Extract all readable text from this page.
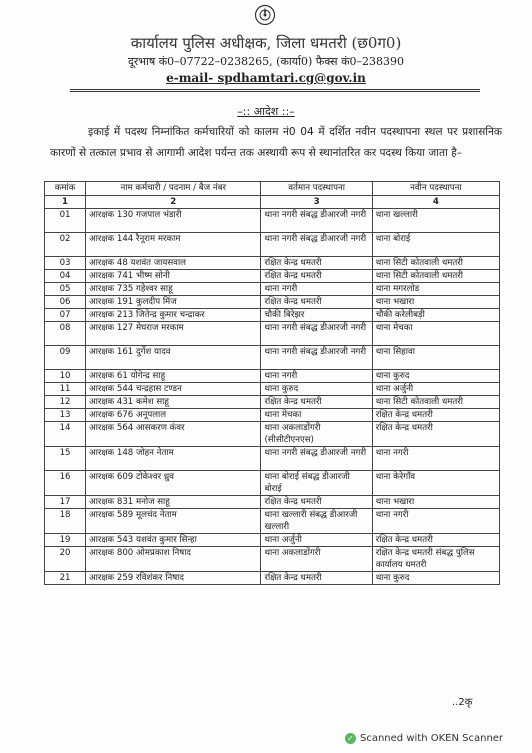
कार्यालय पुलिस अधीक्षक, जिला धमतरी (छ0ग0)
दूरभाष कं0–07722–0238265, (कार्या0) फैक्स कं0–238390
e-mail- spdhamtari.cg@gov.in
–:: आदेश ::–
इकाई में पदस्थ निम्नांकित कर्मचारियों को कालम नं0 04 में दर्शित नवीन पदस्थापना स्थल पर प्रशासनिक कारणों से तत्काल प्रभाव से आगामी आदेश पर्यन्त तक अस्थायी रूप से स्थानांतरित कर पदस्थ किया जाता है–
कमांक	नाम कर्मचारी / पदनाम / बैज नंबर	वर्तमान पदस्थापना	नवीन पदस्थापना
1	2	3	4
01	आरक्षक 130 गजपाल भंडारी	थाना नगरी संबद्ध डीआरजी नगरी	थाना खल्लारी
02	आरक्षक 144 रैनूराम मरकाम	थाना नगरी संबद्ध डीआरजी नगरी	थाना बोराई
03	आरक्षक 48 यशवंत जायसवाल	रक्षित केन्द्र धमतरी	थाना सिटी कोतवाली धमतरी
04	आरक्षक 741 भीष्म सोनी	रक्षित केन्द्र धमतरी	थाना सिटी कोतवाली धमतरी
05	आरक्षक 735 गहेश्वर साहू	थाना नगरी	थाना मगरलोड
06	आरक्षक 191 कुलदीप मिंज	रक्षित केन्द्र धमतरी	थाना भखारा
07	आरक्षक 213 जितेन्द्र कुमार चन्द्राकर	चौकी बिरेझर	चौकी करेलीबड़ी
08	आरक्षक 127 मेघराज मरकाम	थाना नगरी संबद्ध डीआरजी नगरी	थाना मेचका
09	आरक्षक 161 दुर्गेश यादव	थाना नगरी संबद्ध डीआरजी नगरी	थाना सिहावा
10	आरक्षक 61 योगेन्द्र साहू	थाना नगरी	थाना कुरुद
11	आरक्षक 544 चन्द्रहास टण्डन	थाना कुरुद	थाना अर्जुनी
12	आरक्षक 431 कमेश साहू	रक्षित केन्द्र धमतरी	थाना सिटी कोतवाली धमतरी
13	आरक्षक 676 अनूपलाल	थाना मेचका	रक्षित केन्द्र धमतरी
14	आरक्षक 564 आसकरण कंवर	थाना अकलाडोंगरी (सीसीटीएनएस)	रक्षित केन्द्र धमतरी
15	आरक्षक 148 जोहन नेताम	थाना नगरी संबद्ध डीआरजी नगरी	थाना नगरी
16	आरक्षक 609 टोकेश्वर ध्रुव	थाना बोराई संबद्ध डीआरजी बोराई	थाना केरेगाँव
17	आरक्षक 831 मनोज साहू	रक्षित केन्द्र धमतरी	थाना भखारा
18	आरक्षक 589 मूलचंद नेताम	थाना खल्लारी संबद्ध डीआरजी खल्लारी	थाना नगरी
19	आरक्षक 543 यशवंत कुमार सिन्हा	थाना अर्जुनी	रक्षित केन्द्र धमतरी
20	आरक्षक 800 ओमप्रकाश निषाद	थाना अकलाडोंगरी	रक्षित केन्द्र धमतरी संबद्ध पुलिस कार्यालय धमतरी
21	आरक्षक 259 रविशंकर निषाद	रक्षित केन्द्र धमतरी	थाना कुरुद
..2कृ
✓ Scanned with OKEN Scanner
